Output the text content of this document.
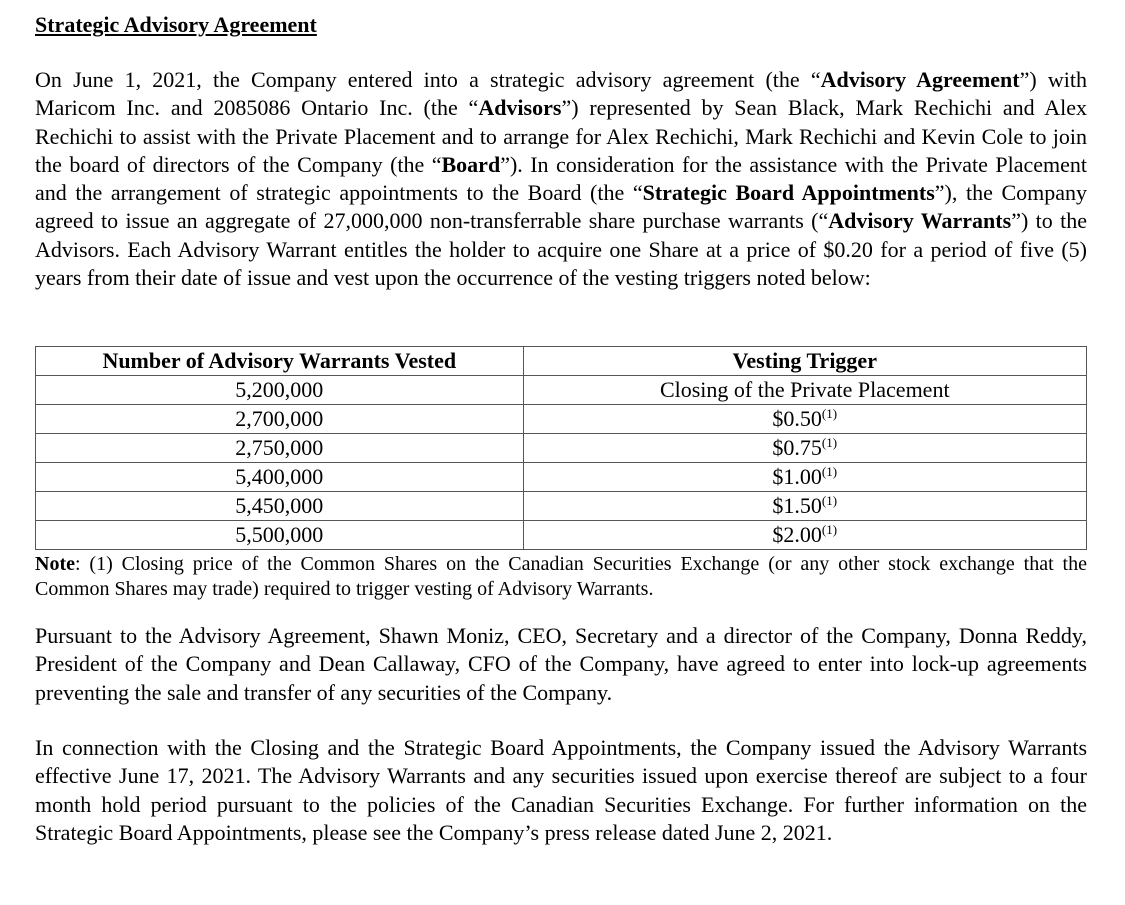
Strategic Advisory Agreement

On June 1, 2021, the Company entered into a strategic advisory agreement (the “Advisory Agreement”) with Maricom Inc. and 2085086 Ontario Inc. (the “Advisors”) represented by Sean Black, Mark Rechichi and Alex Rechichi to assist with the Private Placement and to arrange for Alex Rechichi, Mark Rechichi and Kevin Cole to join the board of directors of the Company (the “Board”). In consideration for the assistance with the Private Placement and the arrangement of strategic appointments to the Board (the “Strategic Board Appointments”), the Company agreed to issue an aggregate of 27,000,000 non-transferrable share purchase warrants (“Advisory Warrants”) to the Advisors. Each Advisory Warrant entitles the holder to acquire one Share at a price of $0.20 for a period of five (5) years from their date of issue and vest upon the occurrence of the vesting triggers noted below:

Number of Advisory Warrants Vested	Vesting Trigger
5,200,000	Closing of the Private Placement
2,700,000	$0.50$^{(1)}$
2,750,000	$0.75$^{(1)}$
5,400,000	$1.00$^{(1)}$
5,450,000	$1.50$^{(1)}$
5,500,000	$2.00$^{(1)}$

Note: (1) Closing price of the Common Shares on the Canadian Securities Exchange (or any other stock exchange that the Common Shares may trade) required to trigger vesting of Advisory Warrants.

Pursuant to the Advisory Agreement, Shawn Moniz, CEO, Secretary and a director of the Company, Donna Reddy, President of the Company and Dean Callaway, CFO of the Company, have agreed to enter into lock-up agreements preventing the sale and transfer of any securities of the Company.

In connection with the Closing and the Strategic Board Appointments, the Company issued the Advisory Warrants effective June 17, 2021. The Advisory Warrants and any securities issued upon exercise thereof are subject to a four month hold period pursuant to the policies of the Canadian Securities Exchange. For further information on the Strategic Board Appointments, please see the Company’s press release dated June 2, 2021.
